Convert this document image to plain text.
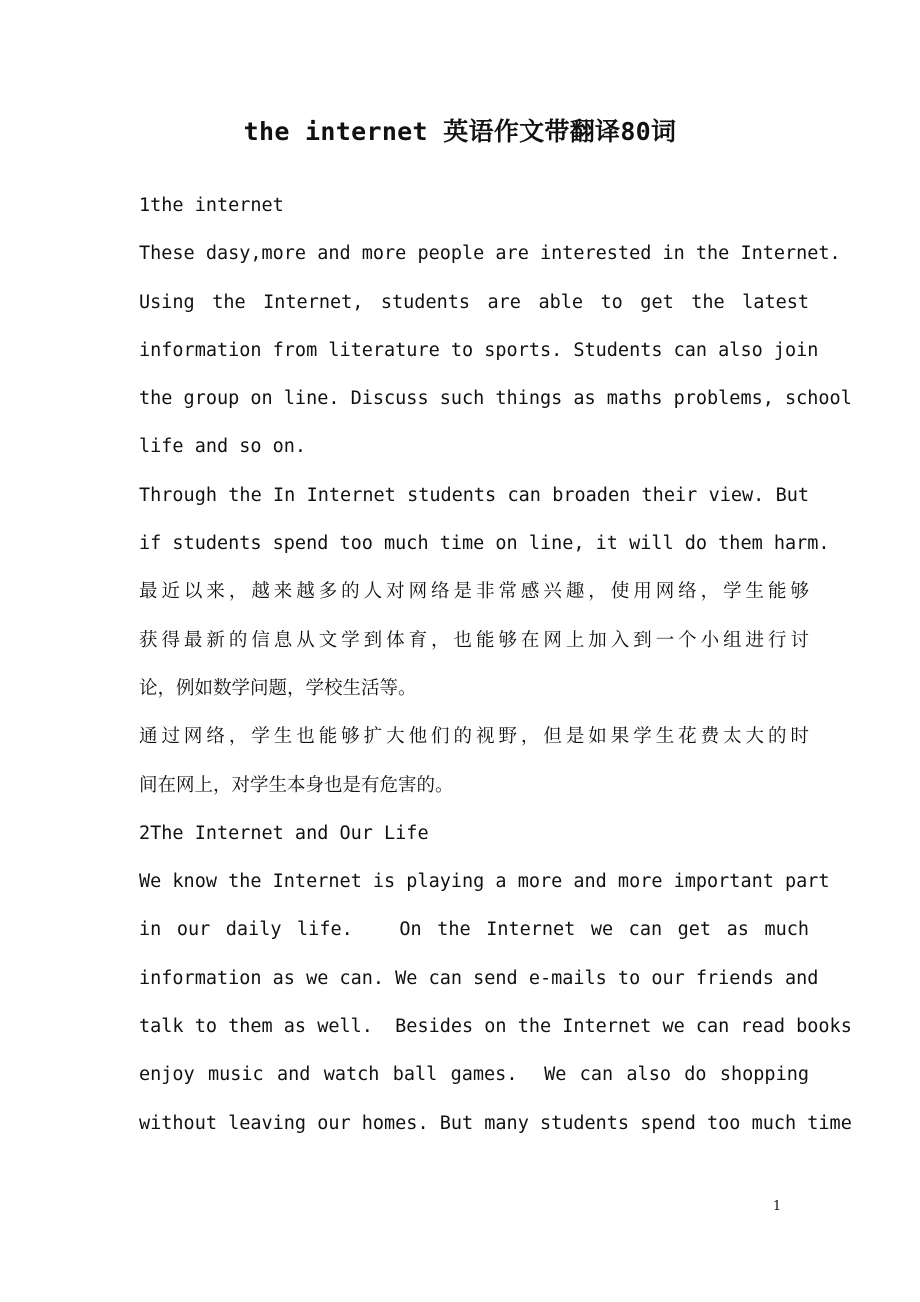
the internet 英语作文带翻译80词
1the internet
These dasy,more and more people are interested in the Internet.
Using the Internet, students are able to get the latest
information from literature to sports. Students can also join
the group on line. Discuss such things as maths problems, school
life and so on.
Through the In Internet students can broaden their view. But
if students spend too much time on line, it will do them harm.
最近以来，越来越多的人对网络是非常感兴趣，使用网络，学生能够
获得最新的信息从文学到体育，也能够在网上加入到一个小组进行讨
论，例如数学问题，学校生活等。
通过网络，学生也能够扩大他们的视野，但是如果学生花费太大的时
间在网上，对学生本身也是有危害的。
2The Internet and Our Life
We know the Internet is playing a more and more important part
in our daily life.   On the Internet we can get as much
information as we can. We can send e-mails to our friends and
talk to them as well.  Besides on the Internet we can read books
enjoy music and watch ball games.  We can also do shopping
without leaving our homes. But many students spend too much time
1
